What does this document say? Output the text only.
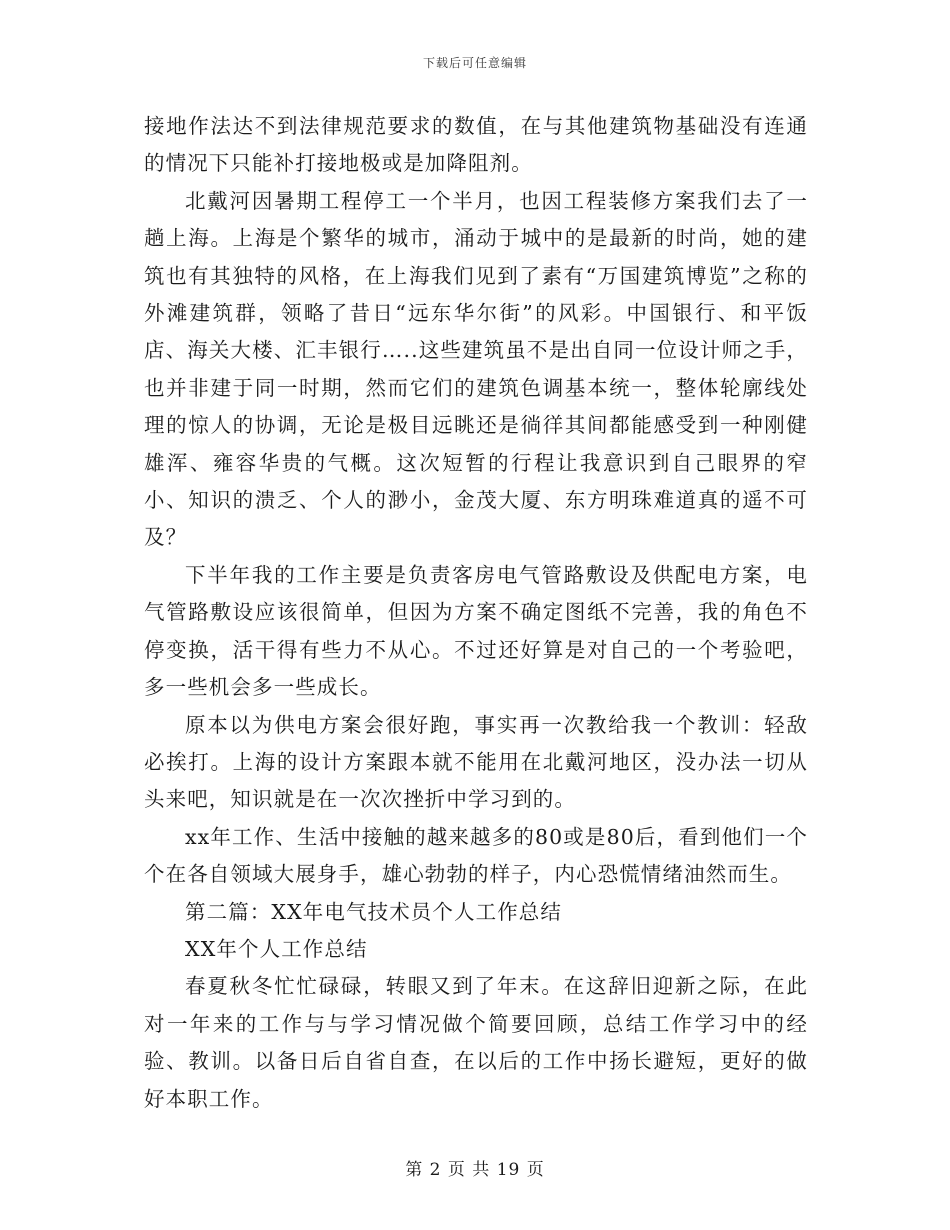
下载后可任意编辑

接地作法达不到法律规范要求的数值，在与其他建筑物基础没有连通的情况下只能补打接地极或是加降阻剂。

北戴河因暑期工程停工一个半月，也因工程装修方案我们去了一趟上海。上海是个繁华的城市，涌动于城中的是最新的时尚，她的建筑也有其独特的风格，在上海我们见到了素有“万国建筑博览”之称的外滩建筑群，领略了昔日“远东华尔街”的风彩。中国银行、和平饭店、海关大楼、汇丰银行…..这些建筑虽不是出自同一位设计师之手，也并非建于同一时期，然而它们的建筑色调基本统一，整体轮廓线处理的惊人的协调，无论是极目远眺还是徜徉其间都能感受到一种刚健雄浑、雍容华贵的气概。这次短暂的行程让我意识到自己眼界的窄小、知识的溃乏、个人的渺小，金茂大厦、东方明珠难道真的遥不可及？

下半年我的工作主要是负责客房电气管路敷设及供配电方案，电气管路敷设应该很简单，但因为方案不确定图纸不完善，我的角色不停变换，活干得有些力不从心。不过还好算是对自己的一个考验吧，多一些机会多一些成长。

原本以为供电方案会很好跑，事实再一次教给我一个教训：轻敌必挨打。上海的设计方案跟本就不能用在北戴河地区，没办法一切从头来吧，知识就是在一次次挫折中学习到的。

xx年工作、生活中接触的越来越多的80或是80后，看到他们一个个在各自领域大展身手，雄心勃勃的样子，内心恐慌情绪油然而生。

第二篇：XX年电气技术员个人工作总结

XX年个人工作总结

春夏秋冬忙忙碌碌，转眼又到了年末。在这辞旧迎新之际，在此对一年来的工作与与学习情况做个简要回顾，总结工作学习中的经验、教训。以备日后自省自查，在以后的工作中扬长避短，更好的做好本职工作。

第 2 页 共 19 页
